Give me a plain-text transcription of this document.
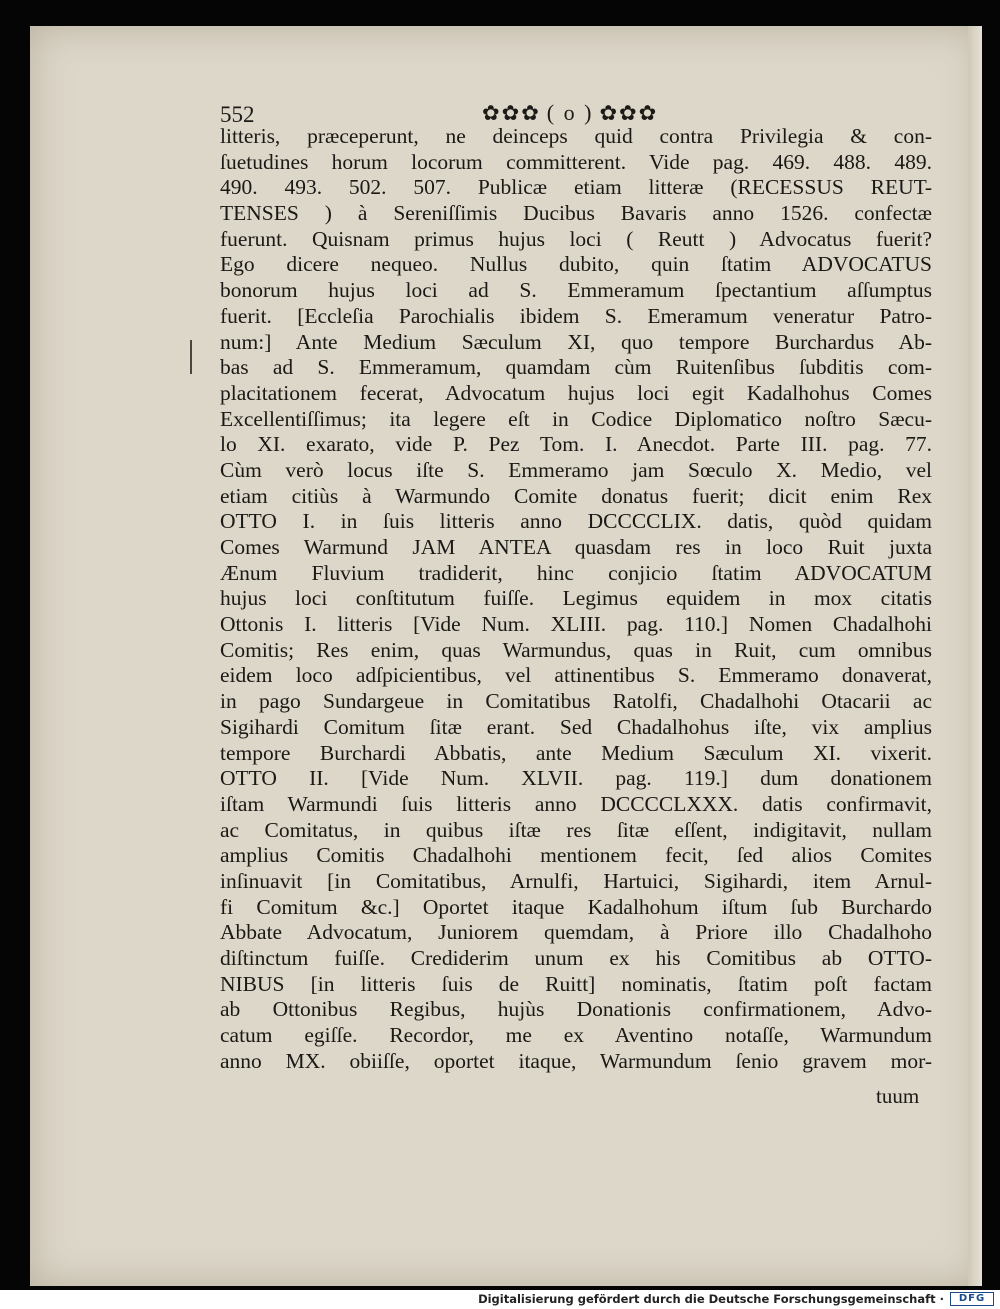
552	✿✿✿ ( o ) ✿✿✿
litteris, præceperunt, ne deinceps quid contra Privilegia & con-
ſuetudines horum locorum committerent. Vide pag. 469. 488. 489.
490. 493. 502. 507. Publicæ etiam litteræ (RECESSUS REUT-
TENSES ) à Sereniſſimis Ducibus Bavaris anno 1526. confectæ
fuerunt. Quisnam primus hujus loci ( Reutt ) Advocatus fuerit?
Ego dicere nequeo. Nullus dubito, quin ſtatim ADVOCATUS
bonorum hujus loci ad S. Emmeramum ſpectantium aſſumptus
fuerit. [Eccleſia Parochialis ibidem S. Emeramum veneratur Patro-
num:] Ante Medium Sæculum XI, quo tempore Burchardus Ab-
bas ad S. Emmeramum, quamdam cùm Ruitenſibus ſubditis com-
placitationem fecerat, Advocatum hujus loci egit Kadalhohus Comes
Excellentiſſimus; ita legere eſt in Codice Diplomatico noſtro Sæcu-
lo XI. exarato, vide P. Pez Tom. I. Anecdot. Parte III. pag. 77.
Cùm verò locus iſte S. Emmeramo jam Sœculo X. Medio, vel
etiam citiùs à Warmundo Comite donatus fuerit; dicit enim Rex
OTTO I. in ſuis litteris anno DCCCCLIX. datis, quòd quidam
Comes Warmund JAM ANTEA quasdam res in loco Ruit juxta
Ænum Fluvium tradiderit, hinc conjicio ſtatim ADVOCATUM
hujus loci conſtitutum fuiſſe. Legimus equidem in mox citatis
Ottonis I. litteris [Vide Num. XLIII. pag. 110.] Nomen Chadalhohi
Comitis; Res enim, quas Warmundus, quas in Ruit, cum omnibus
eidem loco adſpicientibus, vel attinentibus S. Emmeramo donaverat,
in pago Sundargeue in Comitatibus Ratolfi, Chadalhohi Otacarii ac
Sigihardi Comitum ſitæ erant. Sed Chadalhohus iſte, vix amplius
tempore Burchardi Abbatis, ante Medium Sæculum XI. vixerit.
OTTO II. [Vide Num. XLVII. pag. 119.] dum donationem
iſtam Warmundi ſuis litteris anno DCCCCLXXX. datis confirmavit,
ac Comitatus, in quibus iſtæ res ſitæ eſſent, indigitavit, nullam
amplius Comitis Chadalhohi mentionem fecit, ſed alios Comites
inſinuavit [in Comitatibus, Arnulfi, Hartuici, Sigihardi, item Arnul-
fi Comitum &c.] Oportet itaque Kadalhohum iſtum ſub Burchardo
Abbate Advocatum, Juniorem quemdam, à Priore illo Chadalhoho
diſtinctum fuiſſe. Crediderim unum ex his Comitibus ab OTTO-
NIBUS [in litteris ſuis de Ruitt] nominatis, ſtatim poſt factam
ab Ottonibus Regibus, hujùs Donationis confirmationem, Advo-
catum egiſſe. Recordor, me ex Aventino notaſſe, Warmundum
anno MX. obiiſſe, oportet itaque, Warmundum ſenio gravem mor-
tuum
Digitalisierung gefördert durch die Deutsche Forschungsgemeinschaft ·	DFG
